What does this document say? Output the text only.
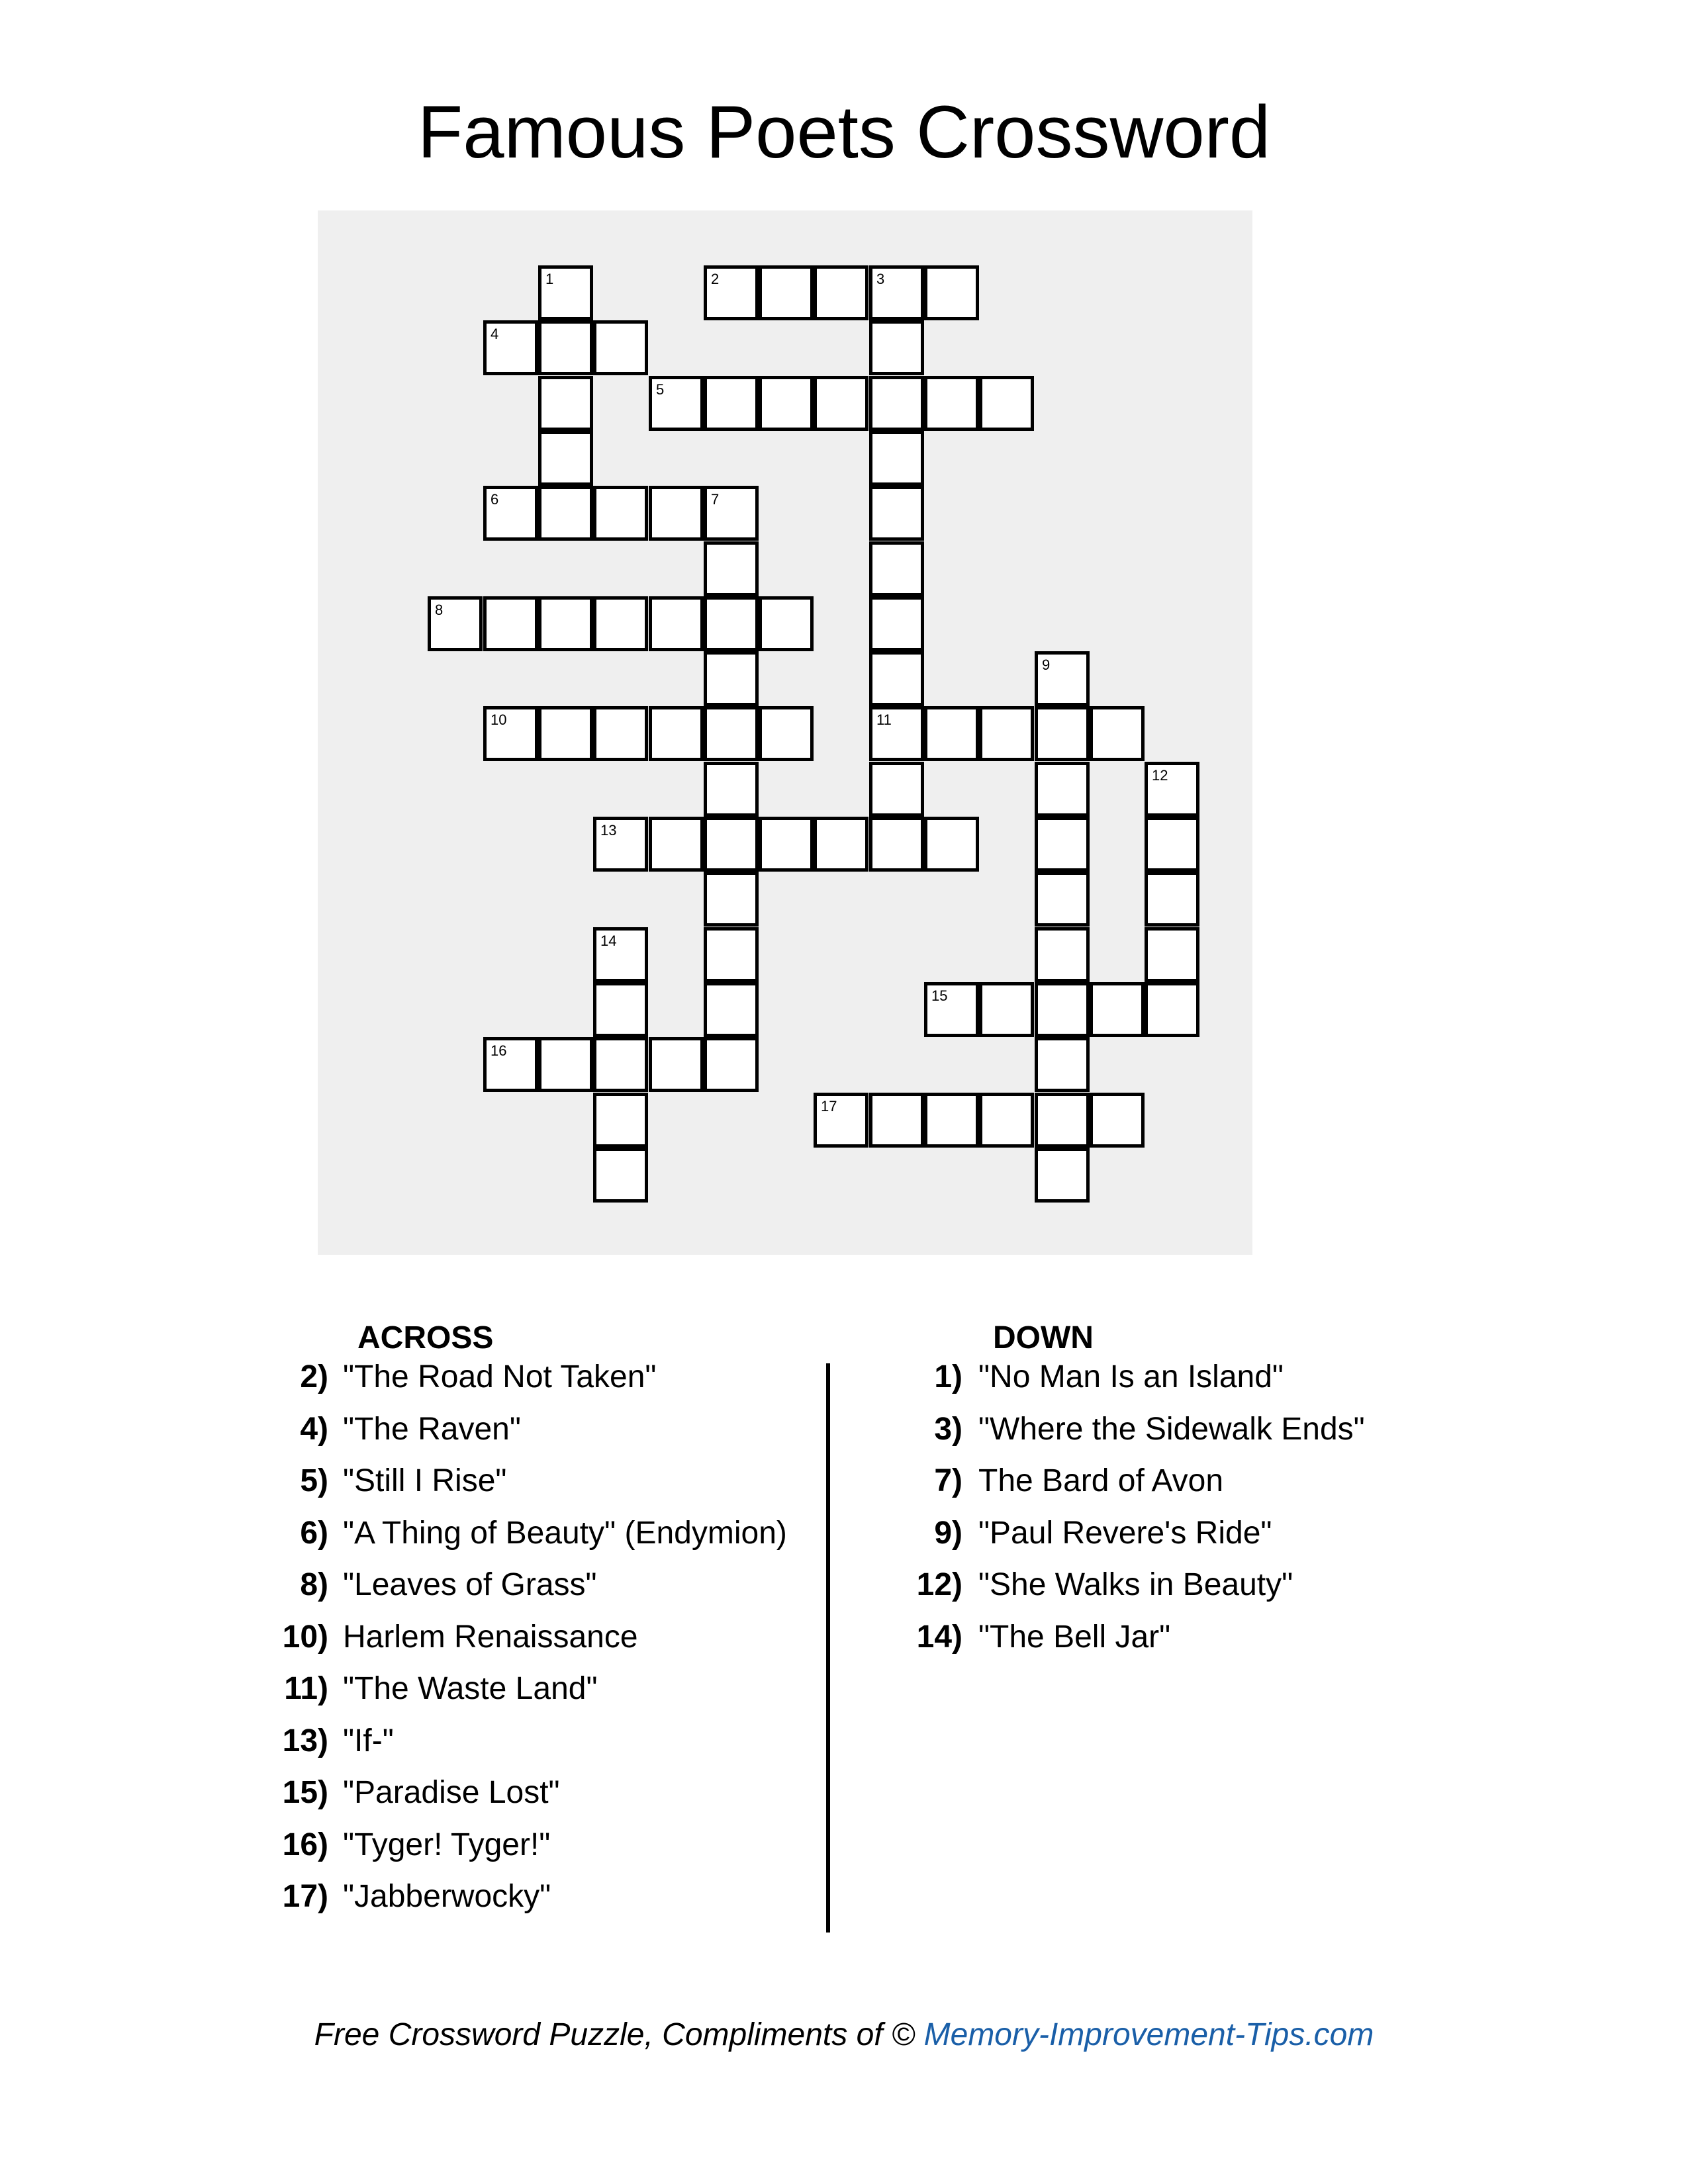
Famous Poets Crossword
1	2	3
4
5
6	7
8
9
10	11
12
13
14
15
16
17
ACROSS	DOWN
2) "The Road Not Taken"
4) "The Raven"
5) "Still I Rise"
6) "A Thing of Beauty" (Endymion)
8) "Leaves of Grass"
10) Harlem Renaissance
11) "The Waste Land"
13) "If-"
15) "Paradise Lost"
16) "Tyger! Tyger!"
17) "Jabberwocky"
1) "No Man Is an Island"
3) "Where the Sidewalk Ends"
7) The Bard of Avon
9) "Paul Revere's Ride"
12) "She Walks in Beauty"
14) "The Bell Jar"
Free Crossword Puzzle, Compliments of © Memory-Improvement-Tips.com
